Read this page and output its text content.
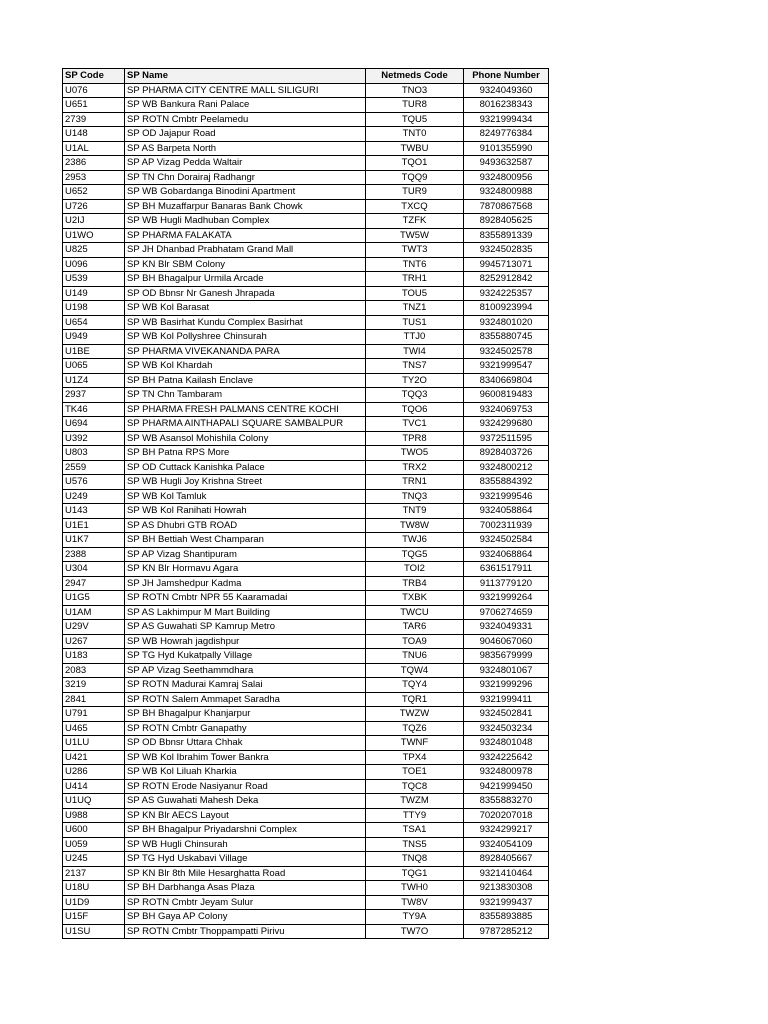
SP Code	SP Name	Netmeds Code	Phone Number
U076	SP PHARMA CITY CENTRE MALL SILIGURI	TNO3	9324049360
U651	SP WB Bankura Rani Palace	TUR8	8016238343
2739	SP ROTN Cmbtr Peelamedu	TQU5	9321999434
U148	SP OD Jajapur Road	TNT0	8249776384
U1AL	SP AS Barpeta North	TWBU	9101355990
2386	SP AP Vizag Pedda Waltair	TQO1	9493632587
2953	SP TN Chn Dorairaj Radhangr	TQQ9	9324800956
U652	SP WB Gobardanga Binodini Apartment	TUR9	9324800988
U726	SP BH Muzaffarpur Banaras Bank Chowk	TXCQ	7870867568
U2IJ	SP WB Hugli Madhuban Complex	TZFK	8928405625
U1WO	SP PHARMA FALAKATA	TW5W	8355891339
U825	SP JH Dhanbad Prabhatam Grand Mall	TWT3	9324502835
U096	SP KN Blr SBM Colony	TNT6	9945713071
U539	SP BH Bhagalpur Urmila Arcade	TRH1	8252912842
U149	SP OD Bbnsr Nr Ganesh Jhrapada	TOU5	9324225357
U198	SP WB Kol Barasat	TNZ1	8100923994
U654	SP WB Basirhat Kundu Complex Basirhat	TUS1	9324801020
U949	SP WB Kol Pollyshree Chinsurah	TTJ0	8355880745
U1BE	SP PHARMA VIVEKANANDA PARA	TWI4	9324502578
U065	SP WB Kol Khardah	TNS7	9321999547
U1Z4	SP BH Patna Kailash Enclave	TY2O	8340669804
2937	SP TN Chn Tambaram	TQQ3	9600819483
TK46	SP PHARMA FRESH PALMANS CENTRE KOCHI	TQO6	9324069753
U694	SP PHARMA AINTHAPALI SQUARE SAMBALPUR	TVC1	9324299680
U392	SP WB Asansol Mohishila Colony	TPR8	9372511595
U803	SP BH Patna RPS More	TWO5	8928403726
2559	SP OD Cuttack Kanishka Palace	TRX2	9324800212
U576	SP WB Hugli Joy Krishna Street	TRN1	8355884392
U249	SP WB Kol Tamluk	TNQ3	9321999546
U143	SP WB Kol Ranihati Howrah	TNT9	9324058864
U1E1	SP AS Dhubri GTB ROAD	TW8W	7002311939
U1K7	SP BH Bettiah West Champaran	TWJ6	9324502584
2388	SP AP Vizag Shantipuram	TQG5	9324068864
U304	SP KN Blr Hormavu Agara	TOI2	6361517911
2947	SP JH Jamshedpur Kadma	TRB4	9113779120
U1G5	SP ROTN Cmbtr NPR 55 Kaaramadai	TXBK	9321999264
U1AM	SP AS Lakhimpur M Mart Building	TWCU	9706274659
U29V	SP AS Guwahati SP Kamrup Metro	TAR6	9324049331
U267	SP WB Howrah jagdishpur	TOA9	9046067060
U183	SP TG Hyd Kukatpally Village	TNU6	9835679999
2083	SP AP Vizag Seethammdhara	TQW4	9324801067
3219	SP ROTN Madurai Kamraj Salai	TQY4	9321999296
2841	SP ROTN Salem Ammapet Saradha	TQR1	9321999411
U791	SP BH Bhagalpur Khanjarpur	TWZW	9324502841
U465	SP ROTN Cmbtr Ganapathy	TQZ6	9324503234
U1LU	SP OD Bbnsr Uttara Chhak	TWNF	9324801048
U421	SP WB Kol Ibrahim Tower Bankra	TPX4	9324225642
U286	SP WB Kol Liluah Kharkia	TOE1	9324800978
U414	SP ROTN Erode Nasiyanur Road	TQC8	9421999450
U1UQ	SP AS Guwahati Mahesh Deka	TWZM	8355883270
U988	SP KN Blr AECS Layout	TTY9	7020207018
U600	SP BH Bhagalpur Priyadarshni Complex	TSA1	9324299217
U059	SP WB Hugli Chinsurah	TNS5	9324054109
U245	SP TG Hyd Uskabavi Village	TNQ8	8928405667
2137	SP KN Blr 8th Mile Hesarghatta Road	TQG1	9321410464
U18U	SP BH Darbhanga Asas Plaza	TWH0	9213830308
U1D9	SP ROTN Cmbtr Jeyam Sulur	TW8V	9321999437
U15F	SP BH Gaya AP Colony	TY9A	8355893885
U1SU	SP ROTN Cmbtr Thoppampatti Pirivu	TW7O	9787285212
